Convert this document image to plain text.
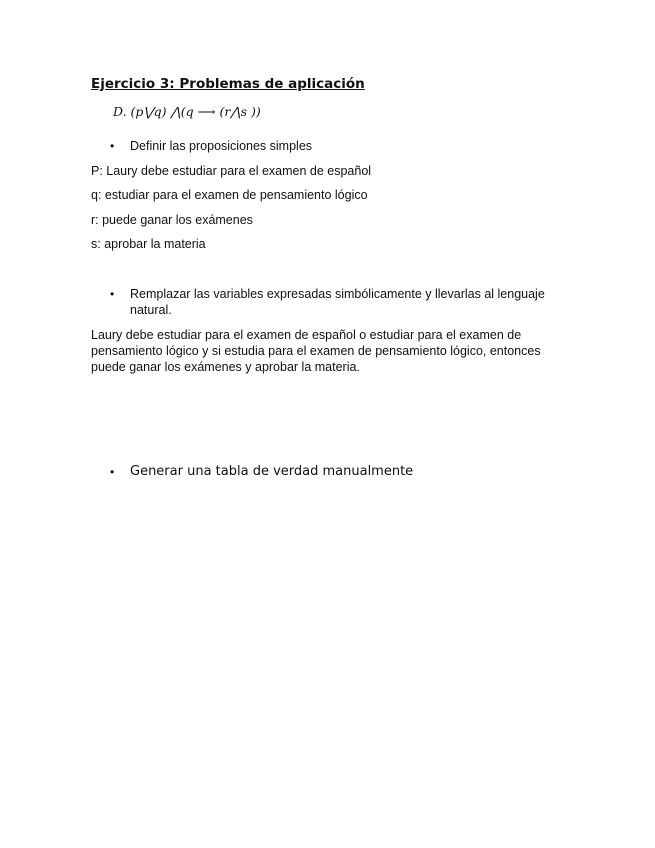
Ejercicio 3: Problemas de aplicación
D. (p⋁q) ⋀(q ⟶ (r⋀s ))
• Definir las proposiciones simples
P: Laury debe estudiar para el examen de español
q: estudiar para el examen de pensamiento lógico
r: puede ganar los exámenes
s: aprobar la materia
• Remplazar las variables expresadas simbólicamente y llevarlas al lenguaje natural.
Laury debe estudiar para el examen de español o estudiar para el examen de pensamiento lógico y si estudia para el examen de pensamiento lógico, entonces puede ganar los exámenes y aprobar la materia.
• Generar una tabla de verdad manualmente
